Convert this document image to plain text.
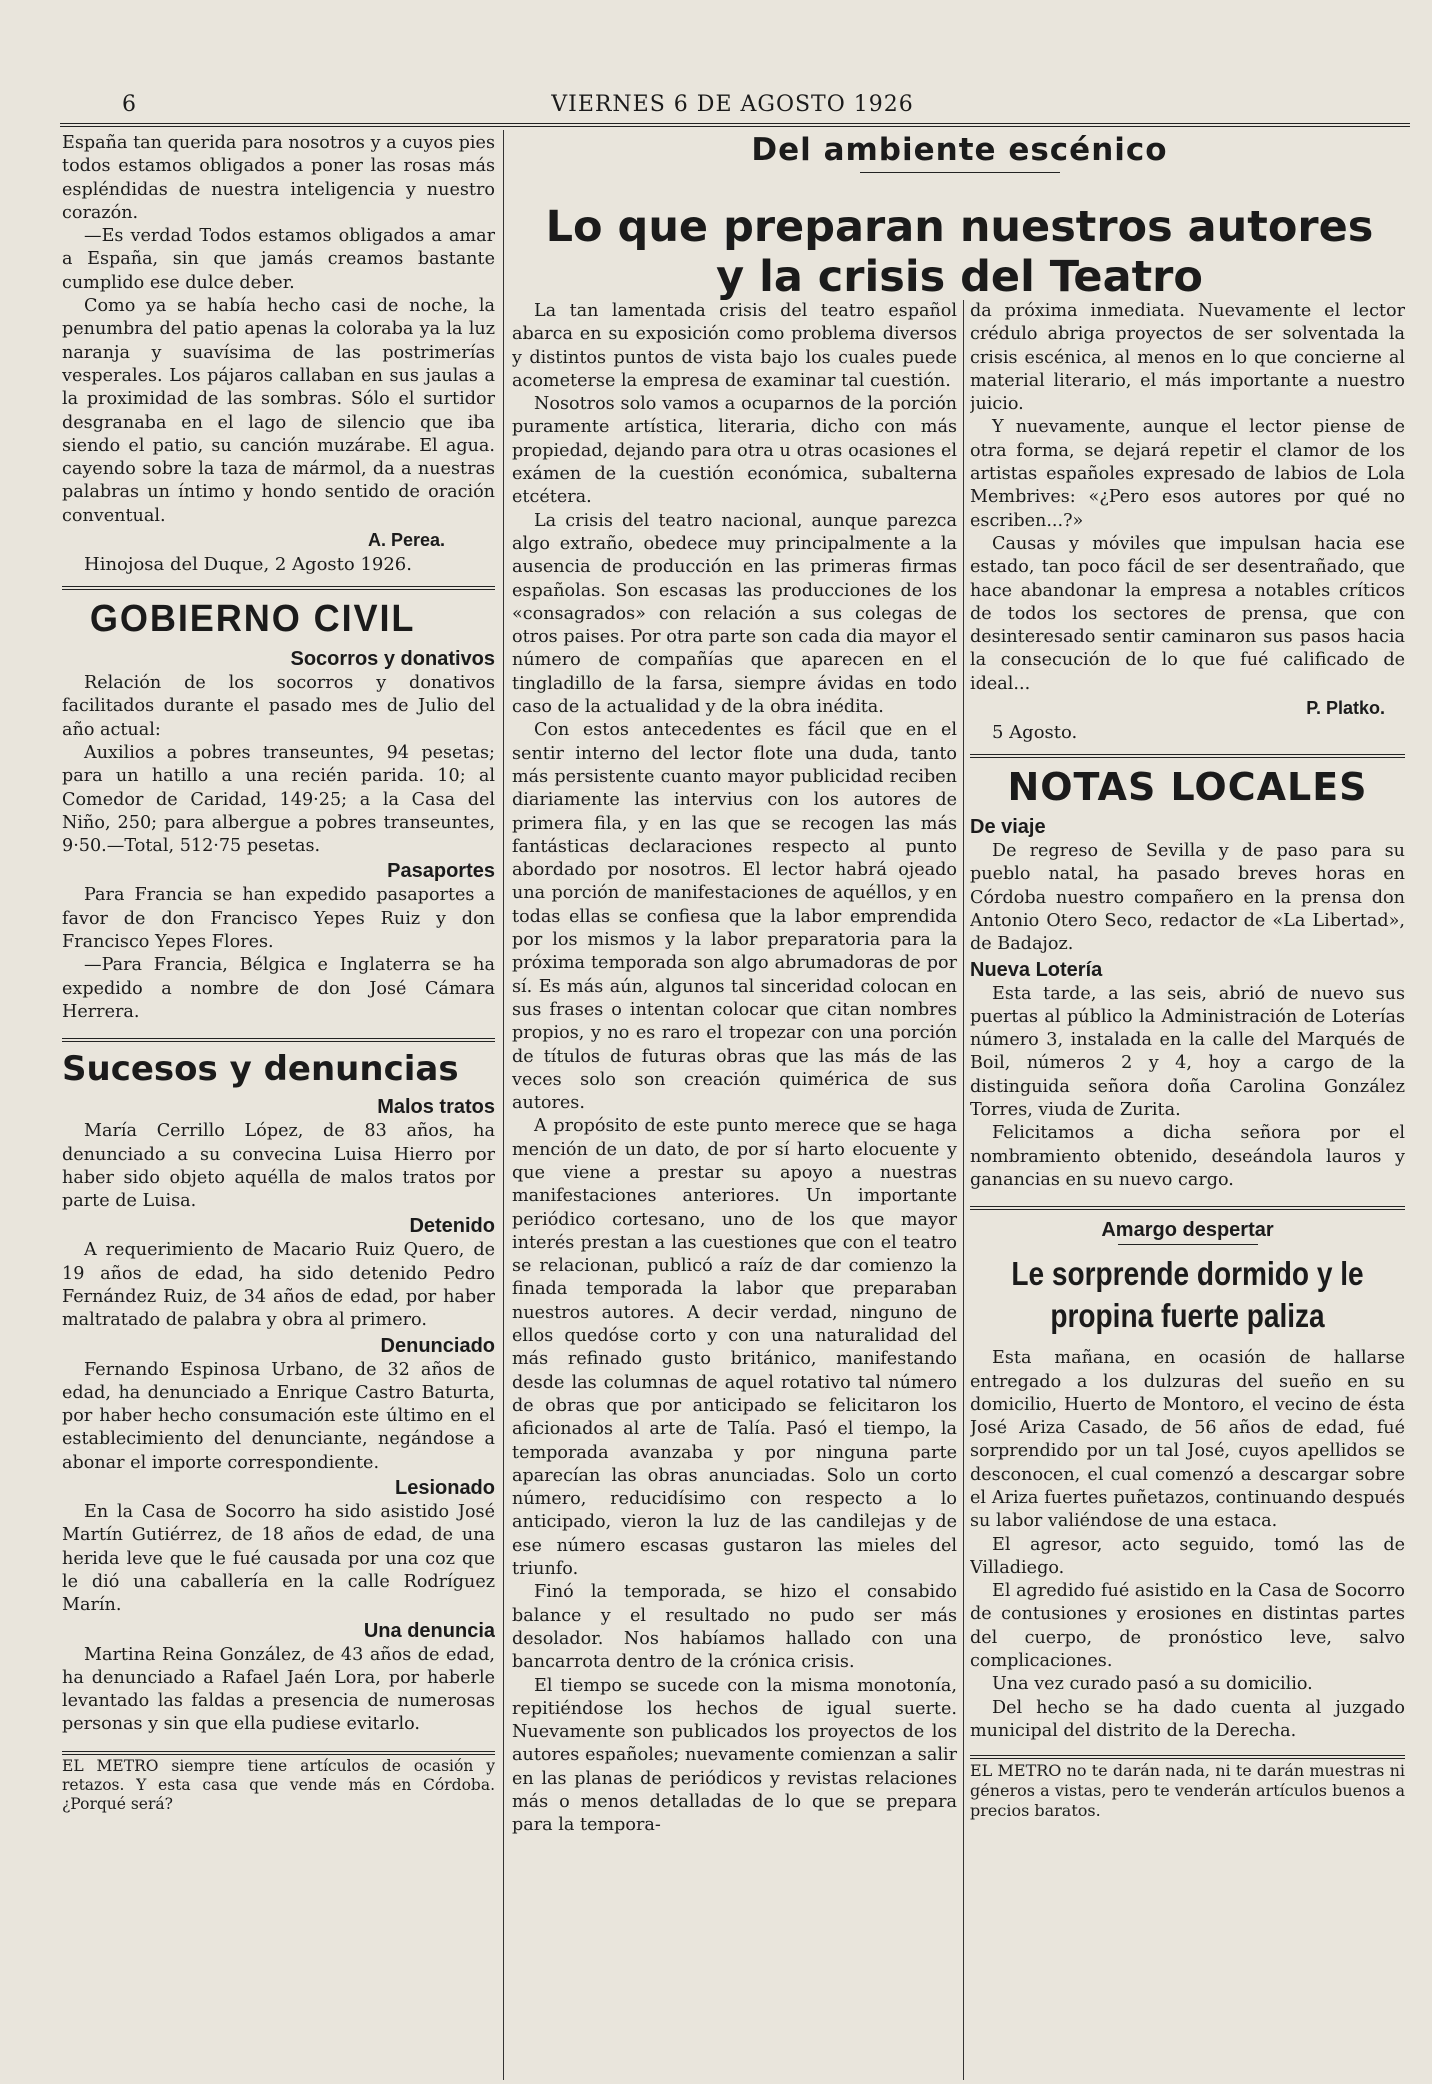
6	VIERNES 6 DE AGOSTO 1926

España tan querida para nosotros y a cuyos pies todos estamos obligados a poner las rosas más espléndidas de nuestra inteligencia y nuestro corazón.

—Es verdad Todos estamos obligados a amar a España, sin que jamás creamos bastante cumplido ese dulce deber.

Como ya se había hecho casi de noche, la penumbra del patio apenas la coloraba ya la luz naranja y suavísima de las postrimerías vesperales. Los pájaros callaban en sus jaulas a la proximidad de las sombras. Sólo el surtidor desgranaba en el lago de silencio que iba siendo el patio, su canción muzárabe. El agua. cayendo sobre la taza de mármol, da a nuestras palabras un íntimo y hondo sentido de oración conventual.

A. Perea.
Hinojosa del Duque, 2 Agosto 1926.
GOBIERNO CIVIL
Socorros y donativos

Relación de los socorros y donativos facilitados durante el pasado mes de Julio del año actual:

Auxilios a pobres transeuntes, 94 pesetas; para un hatillo a una recién parida. 10; al Comedor de Caridad, 149·25; a la Casa del Niño, 250; para albergue a pobres transeuntes, 9·50.—Total, 512·75 pesetas.

Pasaportes

Para Francia se han expedido pasaportes a favor de don Francisco Yepes Ruiz y don Francisco Yepes Flores.

—Para Francia, Bélgica e Inglaterra se ha expedido a nombre de don José Cámara Herrera.

Sucesos y denuncias
Malos tratos

María Cerrillo López, de 83 años, ha denunciado a su convecina Luisa Hierro por haber sido objeto aquélla de malos tratos por parte de Luisa.

Detenido

A requerimiento de Macario Ruiz Quero, de 19 años de edad, ha sido detenido Pedro Fernández Ruiz, de 34 años de edad, por haber maltratado de palabra y obra al primero.

Denunciado

Fernando Espinosa Urbano, de 32 años de edad, ha denunciado a Enrique Castro Baturta, por haber hecho consumación este último en el establecimiento del denunciante, negándose a abonar el importe correspondiente.

Lesionado

En la Casa de Socorro ha sido asistido José Martín Gutiérrez, de 18 años de edad, de una herida leve que le fué causada por una coz que le dió una caballería en la calle Rodríguez Marín.

Una denuncia

Martina Reina González, de 43 años de edad, ha denunciado a Rafael Jaén Lora, por haberle levantado las faldas a presencia de numerosas personas y sin que ella pudiese evitarlo.

EL METRO siempre tiene artículos de ocasión y retazos. Y esta casa que vende más en Córdoba. ¿Porqué será?

Del ambiente escénico
Lo que preparan nuestros autores
y la crisis del Teatro

La tan lamentada crisis del teatro español abarca en su exposición como problema diversos y distintos puntos de vista bajo los cuales puede acometerse la empresa de examinar tal cuestión.

Nosotros solo vamos a ocuparnos de la porción puramente artística, literaria, dicho con más propiedad, dejando para otra u otras ocasiones el exámen de la cuestión económica, subalterna etcétera.

La crisis del teatro nacional, aunque parezca algo extraño, obedece muy principalmente a la ausencia de producción en las primeras firmas españolas. Son escasas las producciones de los «consagrados» con relación a sus colegas de otros paises. Por otra parte son cada dia mayor el número de compañías que aparecen en el tingladillo de la farsa, siempre ávidas en todo caso de la actualidad y de la obra inédita.

Con estos antecedentes es fácil que en el sentir interno del lector flote una duda, tanto más persistente cuanto mayor publicidad reciben diariamente las intervius con los autores de primera fila, y en las que se recogen las más fantásticas declaraciones respecto al punto abordado por nosotros. El lector habrá ojeado una porción de manifestaciones de aquéllos, y en todas ellas se confiesa que la labor emprendida por los mismos y la labor preparatoria para la próxima temporada son algo abrumadoras de por sí. Es más aún, algunos tal sinceridad colocan en sus frases o intentan colocar que citan nombres propios, y no es raro el tropezar con una porción de títulos de futuras obras que las más de las veces solo son creación quimérica de sus autores.

A propósito de este punto merece que se haga mención de un dato, de por sí harto elocuente y que viene a prestar su apoyo a nuestras manifestaciones anteriores. Un importante periódico cortesano, uno de los que mayor interés prestan a las cuestiones que con el teatro se relacionan, publicó a raíz de dar comienzo la finada temporada la labor que preparaban nuestros autores. A decir verdad, ninguno de ellos quedóse corto y con una naturalidad del más refinado gusto británico, manifestando desde las columnas de aquel rotativo tal número de obras que por anticipado se felicitaron los aficionados al arte de Talía. Pasó el tiempo, la temporada avanzaba y por ninguna parte aparecían las obras anunciadas. Solo un corto número, reducidísimo con respecto a lo anticipado, vieron la luz de las candilejas y de ese número escasas gustaron las mieles del triunfo.

Finó la temporada, se hizo el consabido balance y el resultado no pudo ser más desolador. Nos habíamos hallado con una bancarrota dentro de la crónica crisis.

El tiempo se sucede con la misma monotonía, repitiéndose los hechos de igual suerte. Nuevamente son publicados los proyectos de los autores españoles; nuevamente comienzan a salir en las planas de periódicos y revistas relaciones más o menos detalladas de lo que se prepara para la tempora-

da próxima inmediata. Nuevamente el lector crédulo abriga proyectos de ser solventada la crisis escénica, al menos en lo que concierne al material literario, el más importante a nuestro juicio.

Y nuevamente, aunque el lector piense de otra forma, se dejará repetir el clamor de los artistas españoles expresado de labios de Lola Membrives: «¿Pero esos autores por qué no escriben...?»

Causas y móviles que impulsan hacia ese estado, tan poco fácil de ser desentrañado, que hace abandonar la empresa a notables críticos de todos los sectores de prensa, que con desinteresado sentir caminaron sus pasos hacia la consecución de lo que fué calificado de ideal...

P. Platko.
5 Agosto.
NOTAS LOCALES
De viaje

De regreso de Sevilla y de paso para su pueblo natal, ha pasado breves horas en Córdoba nuestro compañero en la prensa don Antonio Otero Seco, redactor de «La Libertad», de Badajoz.

Nueva Lotería

Esta tarde, a las seis, abrió de nuevo sus puertas al público la Administración de Loterías número 3, instalada en la calle del Marqués de Boil, números 2 y 4, hoy a cargo de la distinguida señora doña Carolina González Torres, viuda de Zurita.

Felicitamos a dicha señora por el nombramiento obtenido, deseándola lauros y ganancias en su nuevo cargo.

Amargo despertar
Le sorprende dormido y le
propina fuerte paliza

Esta mañana, en ocasión de hallarse entregado a los dulzuras del sueño en su domicilio, Huerto de Montoro, el vecino de ésta José Ariza Casado, de 56 años de edad, fué sorprendido por un tal José, cuyos apellidos se desconocen, el cual comenzó a descargar sobre el Ariza fuertes puñetazos, continuando después su labor valiéndose de una estaca.

El agresor, acto seguido, tomó las de Villadiego.

El agredido fué asistido en la Casa de Socorro de contusiones y erosiones en distintas partes del cuerpo, de pronóstico leve, salvo complicaciones.

Una vez curado pasó a su domicilio.

Del hecho se ha dado cuenta al juzgado municipal del distrito de la Derecha.

EL METRO no te darán nada, ni te darán muestras ni géneros a vistas, pero te venderán artículos buenos a precios baratos.
